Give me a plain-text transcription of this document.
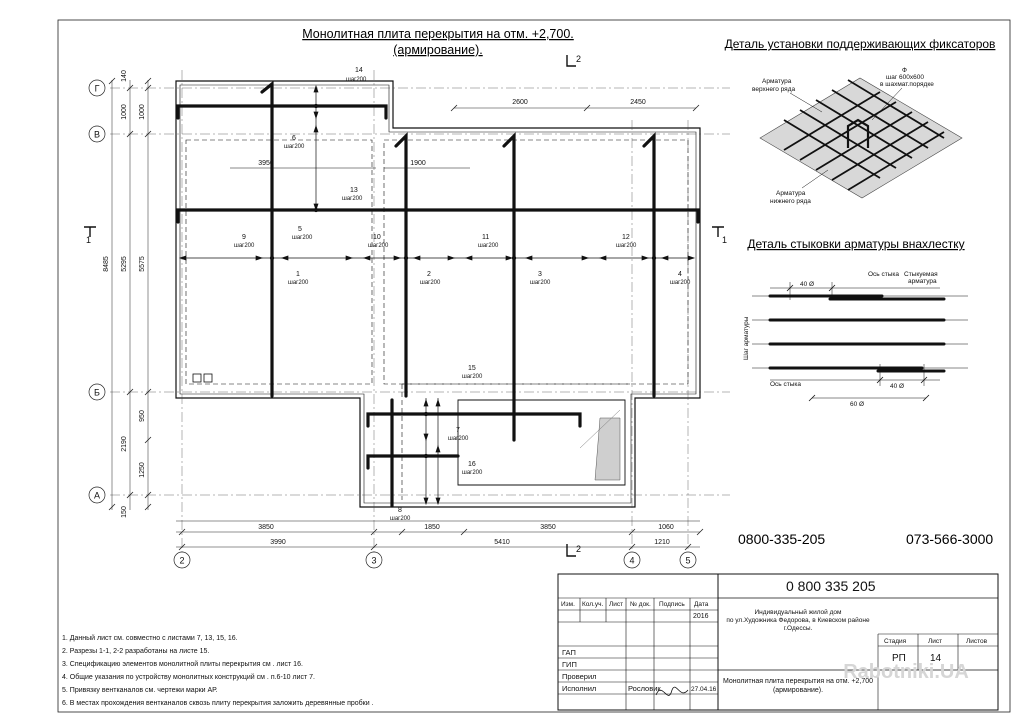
Г
В
Б
А
2	3	4	5
2
1	1
2
2600	2450
3850	1850	3850	1060
3990	5410	1210
3950	1900
140
1000
950
1250
150
1000
5295
2190
8485	5575
14
шаг200
6
шаг200
13
шаг200
9
шаг200
5
шаг200	10
шаг200
11
шаг200
12
шаг200
1
шаг200
2
шаг200
3
шаг200
4
шаг200
15
шаг200
7
шаг200
16
шаг200
8
шаг200
Монолитная плита перекрытия на отм. +2,700.
(армирование).	Деталь установки поддерживающих фиксаторов
Арматура
верхнего ряда
Ф
шаг 600х600
в шахмат.порядке
Арматура
нижнего ряда
Деталь стыковки арматуры внахлестку
40 Ø
Ось стыка Стыкуемая
арматура
Шаг арматуры
Ось стыка	40 Ø
60 Ø
0800-335-205	073-566-3000
Rabotniki.UA
0 800 335 205
Изм. Кол.уч. Лист № док. Подпись Дата
2016
ГАП
ГИП
Проверил
Исполнил	Рословик	27.04.16
Индивидуальный жилой дом
по ул.Художника Федорова, в Киевском районе
г.Одессы.
Монолитная плита перекрытия на отм. +2,700
(армирование).
Стадия	Лист	Листов
РП 14
1. Данный лист см. совместно с листами 7, 13, 15, 16.
2. Разрезы 1-1, 2-2 разработаны на листе 15.
3. Спецификацию элементов монолитной плиты перекрытия см . лист 16.
4. Общие указания по устройству монолитных конструкций см . п.6-10 лист 7.
5. Привязку вентканалов см. чертежи марки АР.
6. В местах прохождения вентканалов сквозь плиту перекрытия заложить деревянные пробки .
